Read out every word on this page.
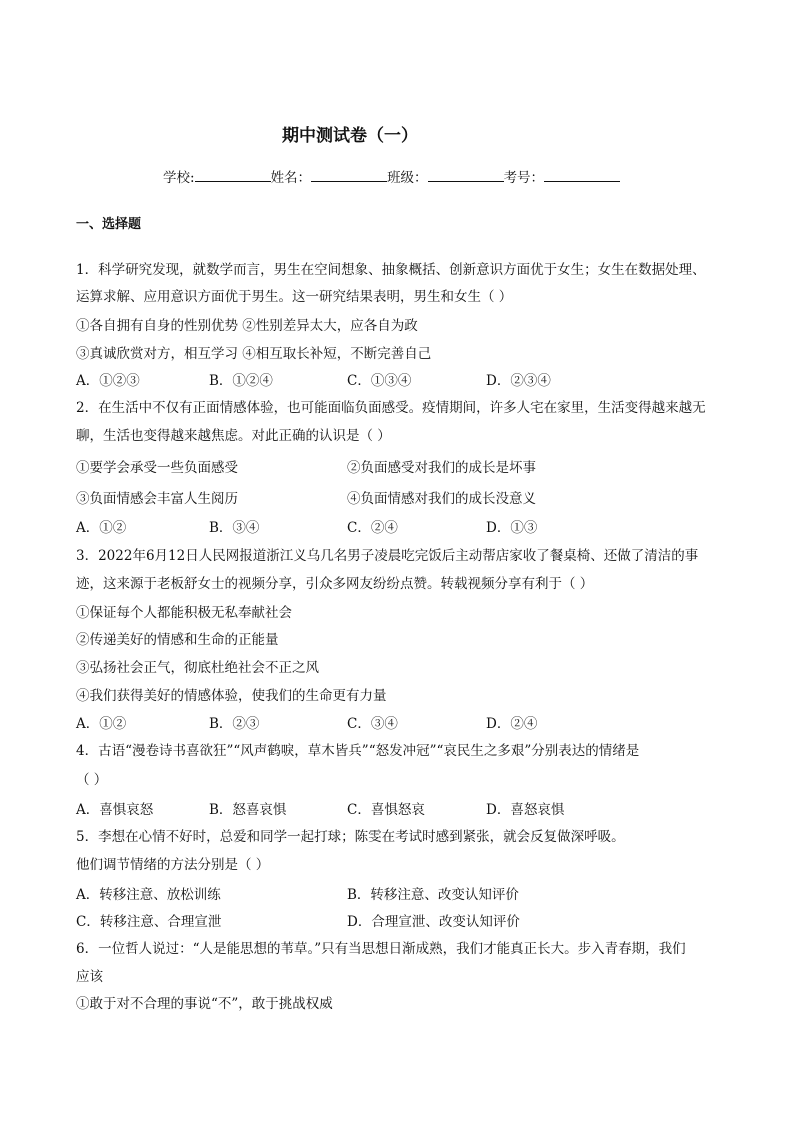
期中测试卷（一）
学校:	姓名：	班级：	考号：
一、选择题
1．科学研究发现，就数学而言，男生在空间想象、抽象概括、创新意识方面优于女生；女生在数据处理、
运算求解、应用意识方面优于男生。这一研究结果表明，男生和女生（ ）
①各自拥有自身的性别优势 ②性别差异太大，应各自为政
③真诚欣赏对方，相互学习 ④相互取长补短，不断完善自己
A．①②③	B．①②④	C．①③④	D．②③④
2．在生活中不仅有正面情感体验，也可能面临负面感受。疫情期间，许多人宅在家里，生活变得越来越无
聊，生活也变得越来越焦虑。对此正确的认识是（ ）
①要学会承受一些负面感受	②负面感受对我们的成长是坏事
③负面情感会丰富人生阅历	④负面情感对我们的成长没意义
A．①②	B．③④	C．②④	D．①③
3．2022年6月12日人民网报道浙江义乌几名男子凌晨吃完饭后主动帮店家收了餐桌椅、还做了清洁的事
迹，这来源于老板舒女士的视频分享，引众多网友纷纷点赞。转载视频分享有利于（ ）
①保证每个人都能积极无私奉献社会
②传递美好的情感和生命的正能量
③弘扬社会正气，彻底杜绝社会不正之风
④我们获得美好的情感体验，使我们的生命更有力量
A．①②	B．②③	C．③④	D．②④
4．古语“漫卷诗书喜欲狂”“风声鹤唳，草木皆兵”“怒发冲冠”“哀民生之多艰”分别表达的情绪是
（ ）
A．喜惧哀怒	B．怒喜哀惧	C．喜惧怒哀	D．喜怒哀惧
5．李想在心情不好时，总爱和同学一起打球；陈雯在考试时感到紧张，就会反复做深呼吸。
他们调节情绪的方法分别是（ ）
A．转移注意、放松训练	B．转移注意、改变认知评价
C．转移注意、合理宣泄	D．合理宣泄、改变认知评价
6．一位哲人说过：“人是能思想的苇草。”只有当思想日渐成熟，我们才能真正长大。步入青春期，我们
应该
①敢于对不合理的事说“不”，敢于挑战权威
